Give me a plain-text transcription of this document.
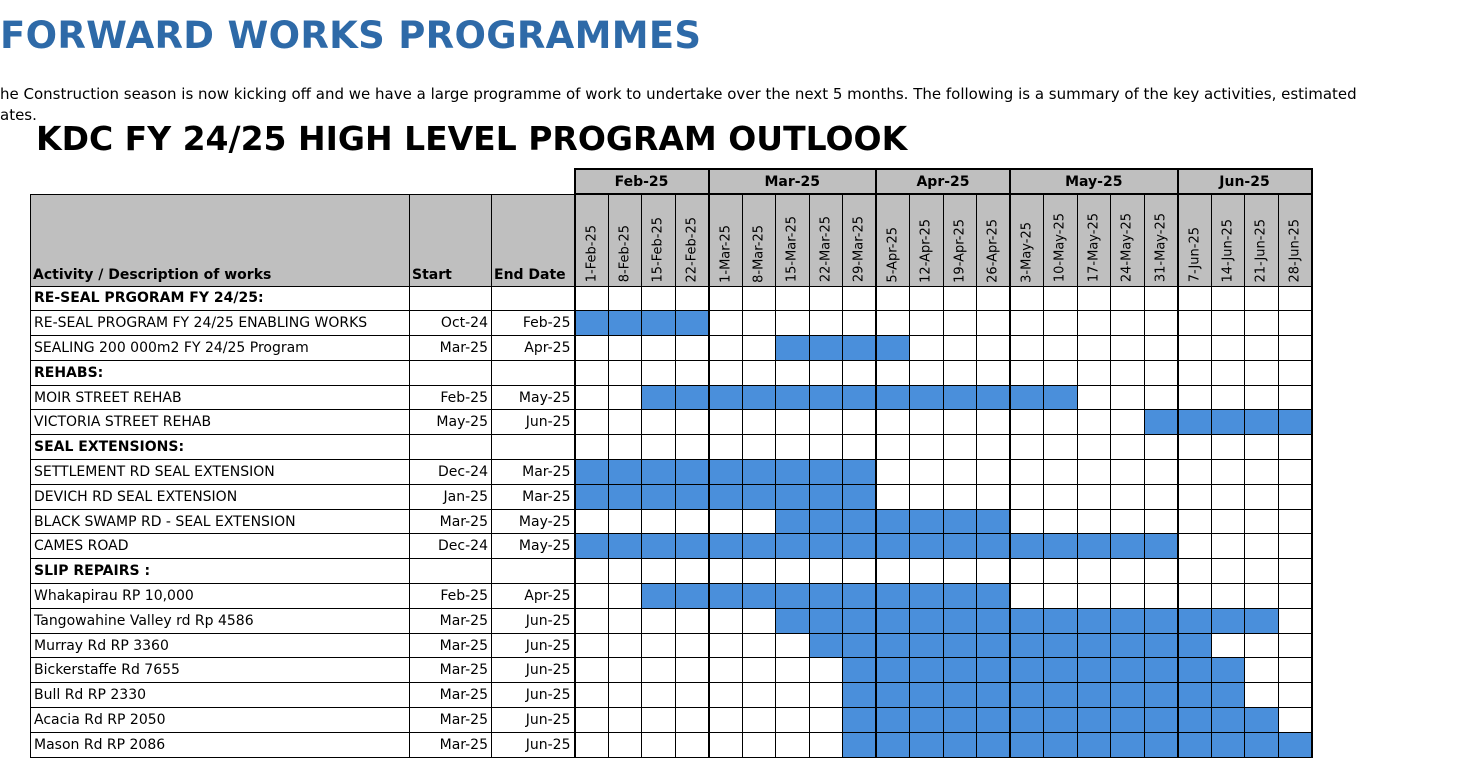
FORWARD WORKS PROGRAMMES

he Construction season is now kicking off and we have a large programme of work to undertake over the next 5 months. The following is a summary of the key activities, estimated
ates.

KDC FY 24/25 HIGH LEVEL PROGRAM OUTLOOK
			Feb-25				Mar-25					Apr-25				May-25					Jun-25			
Activity / Description of works	Start	End Date	1-Feb-25	8-Feb-25	15-Feb-25	22-Feb-25	1-Mar-25	8-Mar-25	15-Mar-25	22-Mar-25	29-Mar-25	5-Apr-25	12-Apr-25	19-Apr-25	26-Apr-25	3-May-25	10-May-25	17-May-25	24-May-25	31-May-25	7-Jun-25	14-Jun-25	21-Jun-25	28-Jun-25

RE-SEAL PRGORAM FY 24/25:																								
RE-SEAL PROGRAM FY 24/25 ENABLING WORKS	Oct-24	Feb-25																						
SEALING 200 000m2 FY 24/25 Program	Mar-25	Apr-25																						
REHABS:																								
MOIR STREET REHAB	Feb-25	May-25																						
VICTORIA STREET REHAB	May-25	Jun-25																						
SEAL EXTENSIONS:																								
SETTLEMENT RD SEAL EXTENSION	Dec-24	Mar-25																						
DEVICH RD SEAL EXTENSION	Jan-25	Mar-25																						
BLACK SWAMP RD - SEAL EXTENSION	Mar-25	May-25																						
CAMES ROAD	Dec-24	May-25																						
SLIP REPAIRS :																								
Whakapirau RP 10,000	Feb-25	Apr-25																						
Tangowahine Valley rd Rp 4586	Mar-25	Jun-25																						
Murray Rd RP 3360	Mar-25	Jun-25																						
Bickerstaffe Rd 7655	Mar-25	Jun-25																						
Bull Rd RP 2330	Mar-25	Jun-25																						
Acacia Rd RP 2050	Mar-25	Jun-25																						
Mason Rd RP 2086	Mar-25	Jun-25																						
